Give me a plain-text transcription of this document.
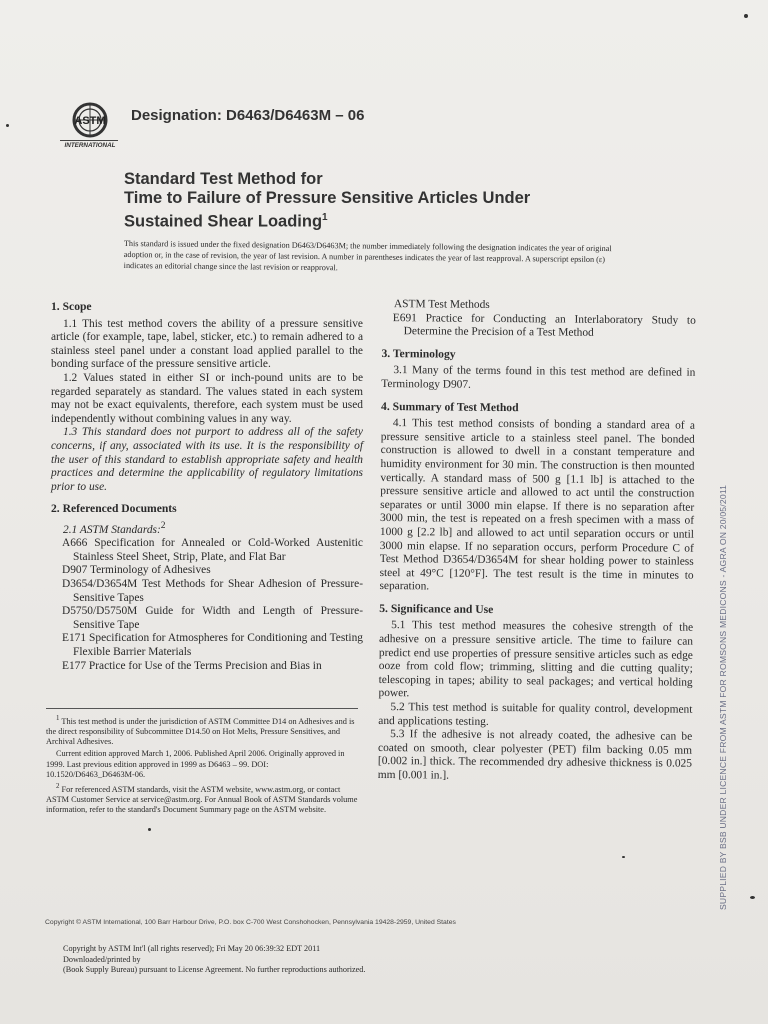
ASTM
INTERNATIONAL

Designation: D6463/D6463M – 06

Standard Test Method for
Time to Failure of Pressure Sensitive Articles Under
Sustained Shear Loading$^1$

This standard is issued under the fixed designation D6463/D6463M; the number immediately following the designation indicates the year of original adoption or, in the case of revision, the year of last revision. A number in parentheses indicates the year of last reapproval. A superscript epsilon (ε) indicates an editorial change since the last revision or reapproval.

1. Scope

1.1 This test method covers the ability of a pressure sensitive article (for example, tape, label, sticker, etc.) to remain adhered to a stainless steel panel under a constant load applied parallel to the bonding surface of the pressure sensitive article.

1.2 Values stated in either SI or inch-pound units are to be regarded separately as standard. The values stated in each system may not be exact equivalents, therefore, each system must be used independently without combining values in any way.

1.3 This standard does not purport to address all of the safety concerns, if any, associated with its use. It is the responsibility of the user of this standard to establish appropriate safety and health practices and determine the applicability of regulatory limitations prior to use.

2. Referenced Documents

2.1 ASTM Standards:$^2$

A666 Specification for Annealed or Cold-Worked Austenitic Stainless Steel Sheet, Strip, Plate, and Flat Bar

D907 Terminology of Adhesives

D3654/D3654M Test Methods for Shear Adhesion of Pressure-Sensitive Tapes

D5750/D5750M Guide for Width and Length of Pressure-Sensitive Tape

E171 Specification for Atmospheres for Conditioning and Testing Flexible Barrier Materials

E177 Practice for Use of the Terms Precision and Bias in

ASTM Test Methods

E691 Practice for Conducting an Interlaboratory Study to Determine the Precision of a Test Method

3. Terminology

3.1 Many of the terms found in this test method are defined in Terminology D907.

4. Summary of Test Method

4.1 This test method consists of bonding a standard area of a pressure sensitive article to a stainless steel panel. The bonded construction is allowed to dwell in a constant temperature and humidity environment for 30 min. The construction is then mounted vertically. A standard mass of 500 g [1.1 lb] is attached to the pressure sensitive article and allowed to act until the construction separates or until 3000 min elapse. If there is no separation after 3000 min, the test is repeated on a fresh specimen with a mass of 1000 g [2.2 lb] and allowed to act until separation occurs or until 3000 min elapse. If no separation occurs, perform Procedure C of Test Method D3654/D3654M for shear holding power to stainless steel at 49°C [120°F]. The test result is the time in minutes to separation.

5. Significance and Use

5.1 This test method measures the cohesive strength of the adhesive on a pressure sensitive article. The time to failure can predict end use properties of pressure sensitive articles such as edge ooze from cold flow; trimming, slitting and die cutting quality; telescoping in tapes; ability to seal packages; and vertical holding power.

5.2 This test method is suitable for quality control, development and applications testing.

5.3 If the adhesive is not already coated, the adhesive can be coated on smooth, clear polyester (PET) film backing 0.05 mm [0.002 in.] thick. The recommended dry adhesive thickness is 0.025 mm [0.001 in.].

$^1$ This test method is under the jurisdiction of ASTM Committee D14 on Adhesives and is the direct responsibility of Subcommittee D14.50 on Hot Melts, Pressure Sensitives, and Archival Adhesives.

Current edition approved March 1, 2006. Published April 2006. Originally approved in 1999. Last previous edition approved in 1999 as D6463 – 99. DOI: 10.1520/D6463_D6463M-06.

$^2$ For referenced ASTM standards, visit the ASTM website, www.astm.org, or contact ASTM Customer Service at service@astm.org. For Annual Book of ASTM Standards volume information, refer to the standard's Document Summary page on the ASTM website.

Copyright © ASTM International, 100 Barr Harbour Drive, P.O. box C-700 West Conshohocken, Pennsylvania 19428-2959, United States

Copyright by ASTM Int'l (all rights reserved); Fri May 20 06:39:32 EDT 2011

Downloaded/printed by

(Book Supply Bureau) pursuant to License Agreement. No further reproductions authorized.

SUPPLIED BY BSB UNDER LICENCE FROM ASTM FOR ROMSONS MEDICONS - AGRA ON 20/05/2011
